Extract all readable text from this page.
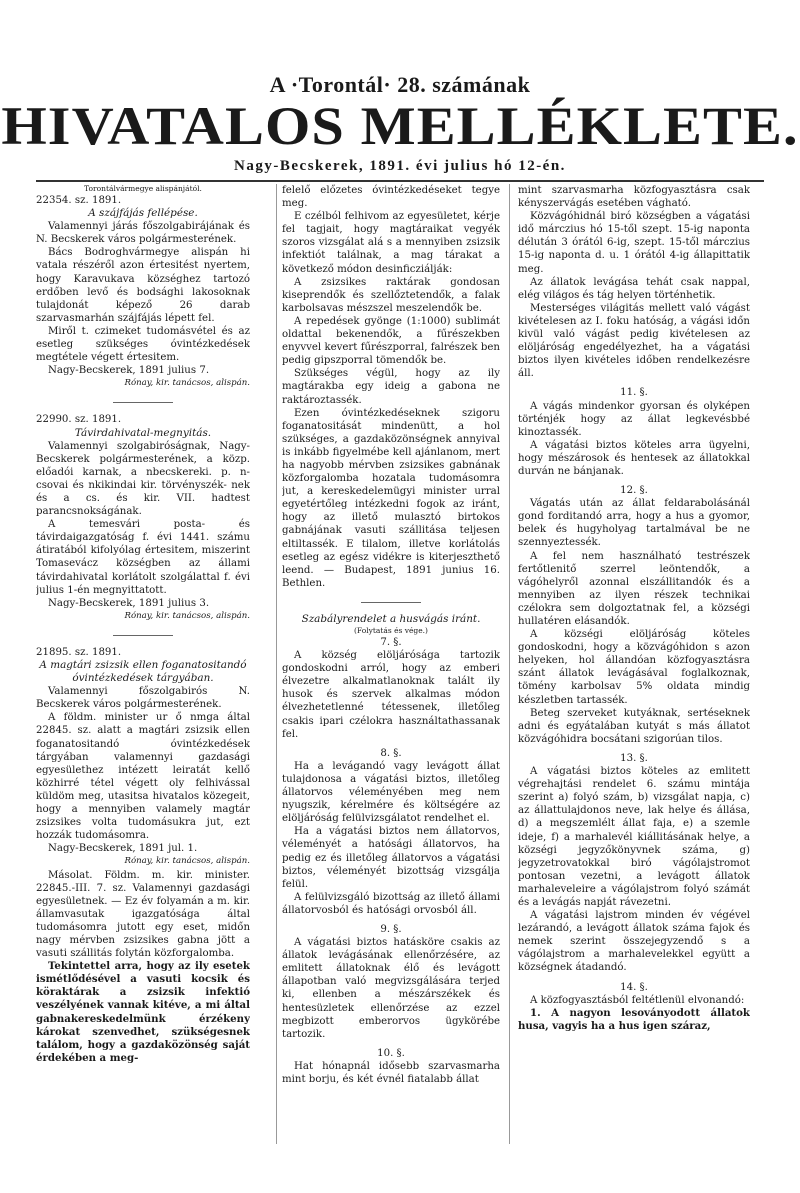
A ·Torontál· 28. számának
HIVATALOS MELLÉKLETE.
Nagy-Becskerek, 1891. évi julius hó 12-én.

Torontálvármegye alispánjától.

22354. sz. 1891.

A szájfájás fellépése.

Valamennyi járás főszolgabirájának és N. Becskerek város polgármesterének.

Bács Bodroghvármegye alispán hi vatala részéről azon értesitést nyertem, hogy Karavukava községhez tartozó erdőben levő és bodsághi lakosoknak tulajdonát képező 26 darab szarvasmarhán szájfájás lépett fel.

Miről t. czimeket tudomásvétel és az esetleg szükséges óvintézkedések megtétele végett értesitem.

Nagy-Becskerek, 1891 julius 7.

Rónay, kir. tanácsos, alispán.

22990. sz. 1891.

Távirdahivatal-megnyitás.

Valamennyi szolgabiróságnak, Nagy-Becskerek polgármesterének, a közp. előadói karnak, a nbecskereki. p. n- csovai és nkikindai kir. törvényszék- nek és a cs. és kir. VII. hadtest parancsnokságának.

A temesvári posta- és távirdaigazgatóság f. évi 1441. számu átiratából kifolyólag értesitem, miszerint Tomasevácz községben az állami távirdahivatal korlátolt szolgálattal f. évi julius 1-én megnyittatott.

Nagy-Becskerek, 1891 julius 3.

Rónay, kir. tanácsos, alispán.

21895. sz. 1891.

A magtári zsizsik ellen foganatositandó óvintézkedések tárgyában.

Valamennyi főszolgabirós N. Becskerek város polgármesterének.

A földm. minister ur ő nmga által 22845. sz. alatt a magtári zsizsik ellen foganatositandó óvintézkedések tárgyában valamennyi gazdasági egyesülethez intézett leiratát kellő közhirré tétel végett oly felhivással küldöm meg, utasitsa hivatalos közegeit, hogy a mennyiben valamely magtár zsizsikes volta tudomásukra jut, ezt hozzák tudomásomra.

Nagy-Becskerek, 1891 jul. 1.

Rónay, kir. tanácsos, alispán.

Másolat. Földm. m. kir. minister. 22845.-III. 7. sz. Valamennyi gazdasági egyesületnek. — Ez év folyamán a m. kir. államvasutak igazgatósága által tudomásomra jutott egy eset, midőn nagy mérvben zsizsikes gabna jött a vasuti szállitás folytán közforgalomba.

Tekintettel arra, hogy az ily esetek ismétlődésével a vasuti kocsik és köraktárak a zsizsik infektió veszélyének vannak kitéve, a mi által gabnakereskedelmünk érzékeny károkat szenvedhet, szükségesnek találom, hogy a gazdaközönség saját érdekében a meg-

felelő előzetes óvintézkedéseket tegye meg.

E czélból felhivom az egyesületet, kérje fel tagjait, hogy magtáraikat vegyék szoros vizsgálat alá s a mennyiben zsizsik infektiót találnak, a mag tárakat a következő módon desinficziálják:

A zsizsikes raktárak gondosan kiseprendők és szellőztetendők, a falak karbolsavas mészszel meszelendők be.

A repedések gyönge (1:1000) sublimát oldattal bekenendők, a fűrészekben enyvvel kevert fűrészporral, falrészek ben pedig gipszporral tömendők be.

Szükséges végül, hogy az ily magtárakba egy ideig a gabona ne raktároztassék.

Ezen óvintézkedéseknek szigoru foganatositását mindenütt, a hol szükséges, a gazdaközönségnek annyival is inkább figyelmébe kell ajánlanom, mert ha nagyobb mérvben zsizsikes gabnának közforgalomba hozatala tudomásomra jut, a kereskedelemügyi minister urral egyetértőleg intézkedni fogok az iránt, hogy az illető mulasztó birtokos gabnájának vasuti szállitása teljesen eltiltassék. E tilalom, illetve korlátolás esetleg az egész vidékre is kiterjeszthető leend. — Budapest, 1891 junius 16. Bethlen.

Szabályrendelet a husvágás iránt.

(Folytatás és vége.)

7. §.

A község elöljárósága tartozik gondoskodni arról, hogy az emberi élvezetre alkalmatlanoknak talált ily husok és szervek alkalmas módon élvezhetetlenné tétessenek, illetőleg csakis ipari czélokra használtathassanak fel.

8. §.

Ha a levágandó vagy levágott állat tulajdonosa a vágatási biztos, illetőleg állatorvos véleményében meg nem nyugszik, kérelmére és költségére az elöljáróság felülvizsgálatot rendelhet el.

Ha a vágatási biztos nem állatorvos, véleményét a hatósági állatorvos, ha pedig ez és illetőleg állatorvos a vágatási biztos, véleményét bizottság vizsgálja felül.

A felülvizsgáló bizottság az illető állami állatorvosból és hatósági orvosból áll.

9. §.

A vágatási biztos hatásköre csakis az állatok levágásának ellenőrzésére, az emlitett állatoknak élő és levágott állapotban való megvizsgálására terjed ki, ellenben a mészárszékek és hentesüzletek ellenőrzése az ezzel megbizott emberorvos ügykörébe tartozik.

10. §.

Hat hónapnál idősebb szarvasmarha mint borju, és két évnél fiatalabb állat

mint szarvasmarha közfogyasztásra csak kényszervágás esetében vágható.

Közvágóhidnál biró községben a vágatási idő márczius hó 15-től szept. 15-ig naponta délután 3 órától 6-ig, szept. 15-től márczius 15-ig naponta d. u. 1 órától 4-ig állapittatik meg.

Az állatok levágása tehát csak nappal, elég világos és tág helyen történhetik.

Mesterséges világitás mellett való vágást kivételesen az I. foku hatóság, a vágási időn kivül való vágást pedig kivételesen az elöljáróság engedélyezhet, ha a vágatási biztos ilyen kivételes időben rendelkezésre áll.

11. §.

A vágás mindenkor gyorsan és olyképen történjék hogy az állat legkevésbbé kinoztassék.

A vágatási biztos köteles arra ügyelni, hogy mészárosok és hentesek az állatokkal durván ne bánjanak.

12. §.

Vágatás után az állat feldarabolásánál gond forditandó arra, hogy a hus a gyomor, belek és hugyholyag tartalmával be ne szennyeztessék.

A fel nem használható testrészek fertőtlenitő szerrel leöntendők, a vágóhelyről azonnal elszállitandók és a mennyiben az ilyen részek technikai czélokra sem dolgoztatnak fel, a községi hullatéren elásandók.

A községi elöljáróság köteles gondoskodni, hogy a közvágóhidon s azon helyeken, hol állandóan közfogyasztásra szánt állatok levágásával foglalkoznak, tömény karbolsav 5% oldata mindig készletben tartassék.

Beteg szerveket kutyáknak, sertéseknek adni és egyátalában kutyát s más állatot közvágóhidra bocsátani szigorúan tilos.

13. §.

A vágatási biztos köteles az emlitett végrehajtási rendelet 6. számu mintája szerint a) folyó szám, b) vizsgálat napja, c) az állattulajdonos neve, lak helye és állása, d) a megszemlélt állat faja, e) a szemle ideje, f) a marhalevél kiállitásának helye, a községi jegyzőkönyvnek száma, g) jegyzetrovatokkal biró vágólajstromot pontosan vezetni, a levágott állatok marhaleveleire a vágólajstrom folyó számát és a levágás napját rávezetni.

A vágatási lajstrom minden év végével lezárandó, a levágott állatok száma fajok és nemek szerint összejegyzendő s a vágólajstrom a marhalevelekkel együtt a községnek átadandó.

14. §.

A közfogyasztásból feltétlenül elvonandó:

1. A nagyon lesoványodott állatok husa, vagyis ha a hus igen száraz,
